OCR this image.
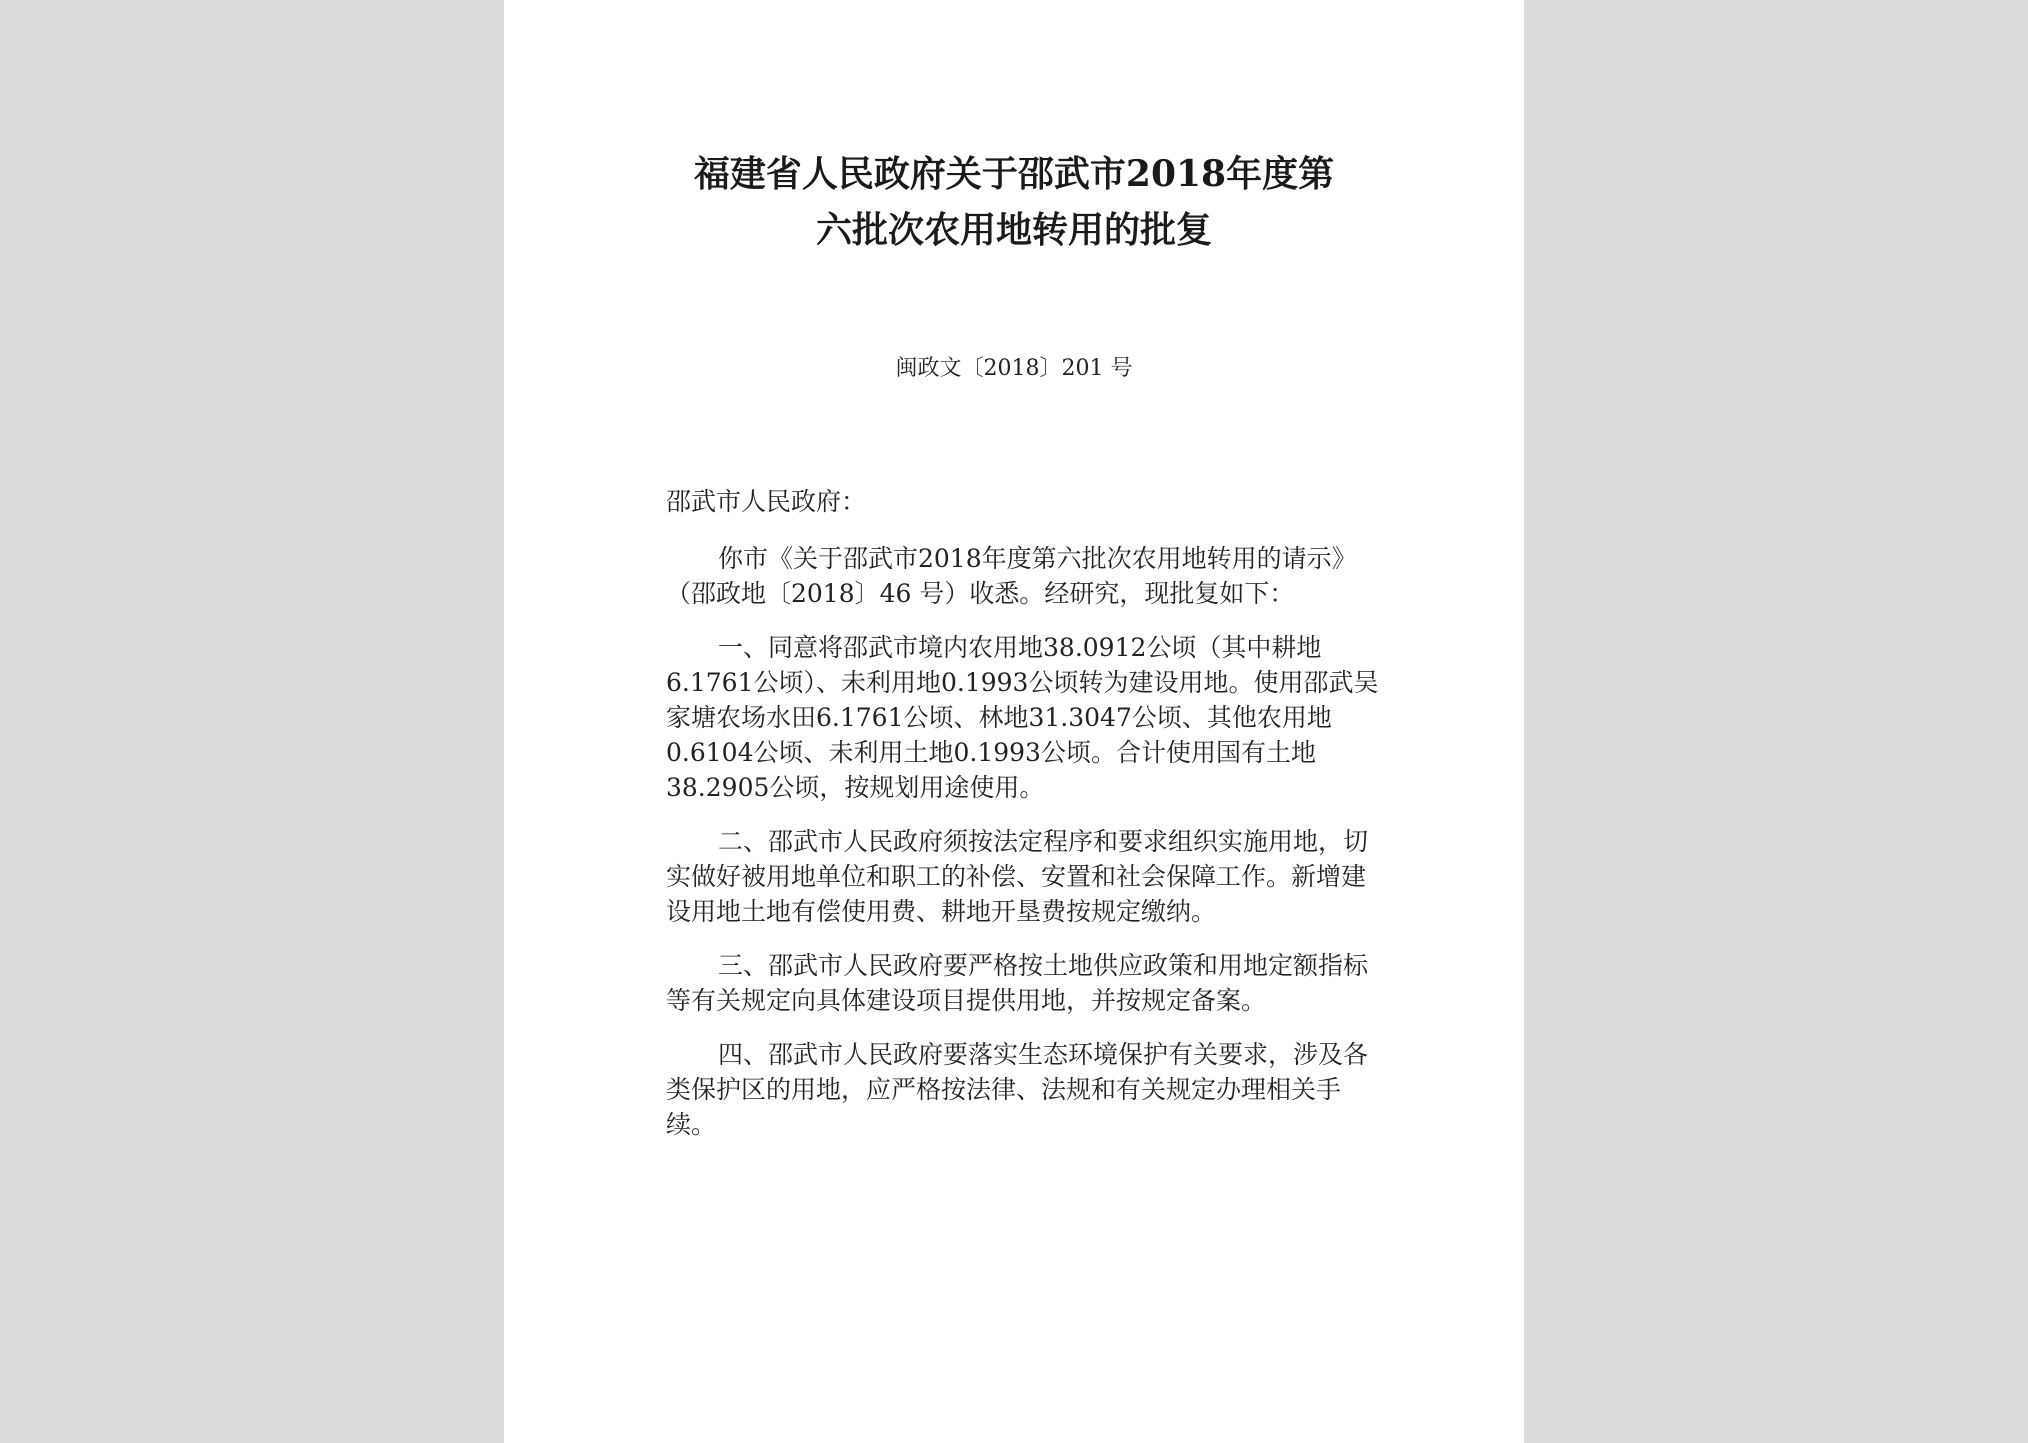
福建省人民政府关于邵武市2018年度第
六批次农用地转用的批复
闽政文〔2018〕201 号

邵武市人民政府：

你市《关于邵武市2018年度第六批次农用地转用的请示》（邵政地〔2018〕46 号）收悉。经研究，现批复如下：

一、同意将邵武市境内农用地38.0912公顷（其中耕地6.1761公顷）、未利用地0.1993公顷转为建设用地。使用邵武吴家塘农场水田6.1761公顷、林地31.3047公顷、其他农用地0.6104公顷、未利用土地0.1993公顷。合计使用国有土地38.2905公顷，按规划用途使用。

二、邵武市人民政府须按法定程序和要求组织实施用地，切实做好被用地单位和职工的补偿、安置和社会保障工作。新增建设用地土地有偿使用费、耕地开垦费按规定缴纳。

三、邵武市人民政府要严格按土地供应政策和用地定额指标等有关规定向具体建设项目提供用地，并按规定备案。

四、邵武市人民政府要落实生态环境保护有关要求，涉及各类保护区的用地，应严格按法律、法规和有关规定办理相关手续。
